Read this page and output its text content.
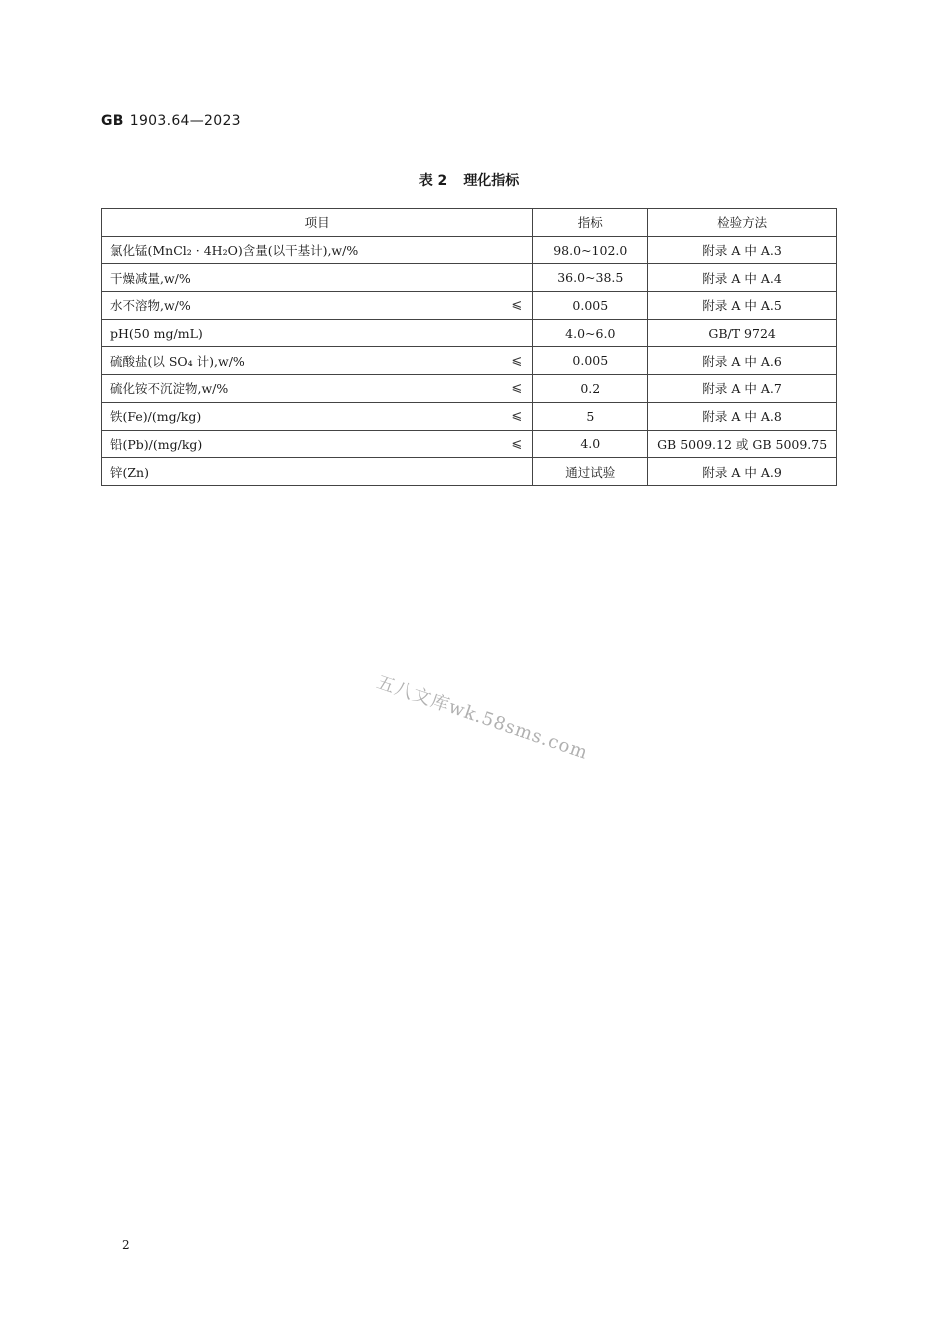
GB 1903.64—2023
表 2 理化指标
项目	指标	检验方法
氯化锰(MnCl₂ · 4H₂O)含量(以干基计),w/%	98.0~102.0	附录 A 中 A.3
干燥减量,w/%	36.0~38.5	附录 A 中 A.4
水不溶物,w/% ⩽	0.005	附录 A 中 A.5
pH(50 mg/mL)	4.0~6.0	GB/T 9724
硫酸盐(以 SO₄ 计),w/% ⩽	0.005	附录 A 中 A.6
硫化铵不沉淀物,w/% ⩽	0.2	附录 A 中 A.7
铁(Fe)/(mg/kg) ⩽	5	附录 A 中 A.8
铅(Pb)/(mg/kg) ⩽	4.0	GB 5009.12 或 GB 5009.75
锌(Zn)	通过试验	附录 A 中 A.9
五八文库wk.58sms.com
2
